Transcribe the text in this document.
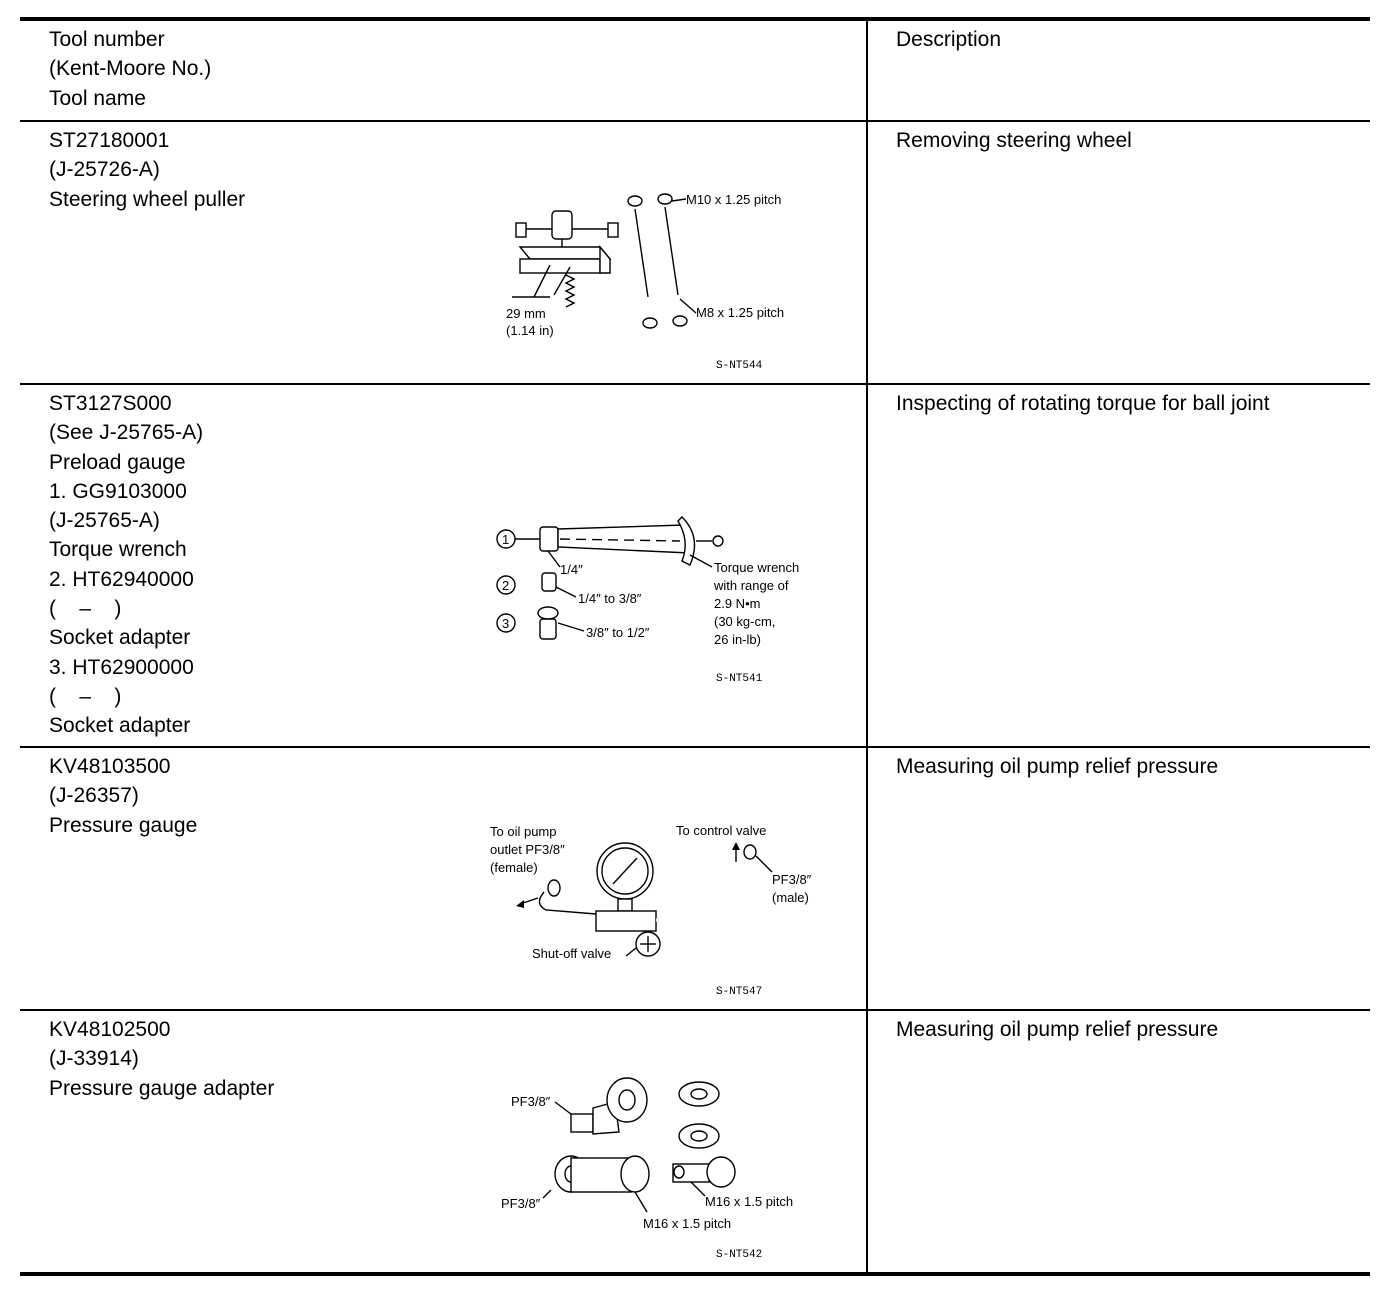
Tool number
(Kent-Moore No.)
Tool name
Description
ST27180001
(J-25726-A)
Steering wheel puller
Removing steering wheel
29 mm
(1.14 in)
M10 x 1.25 pitch
M8 x 1.25 pitch
S-NT544
ST3127S000
(See J-25765-A)
Preload gauge
1. GG9103000
(J-25765-A)
Torque wrench
2. HT62940000
(    –    )
Socket adapter
3. HT62900000
(    –    )
Socket adapter
Inspecting of rotating torque for ball joint
1
1/4″	Torque wrench
with range of
2.9 N•m
(30 kg-cm,
26 in-lb)
2
1/4″ to 3/8″
3
3/8″ to 1/2″
S-NT541
KV48103500
(J-26357)
Pressure gauge
Measuring oil pump relief pressure
To oil pump
outlet PF3/8″
(female)
To control valve
PF3/8″
(male)
Shut-off valve
S-NT547
KV48102500
(J-33914)
Pressure gauge adapter
Measuring oil pump relief pressure
PF3/8″
PF3/8″
M16 x 1.5 pitch
M16 x 1.5 pitch
S-NT542
